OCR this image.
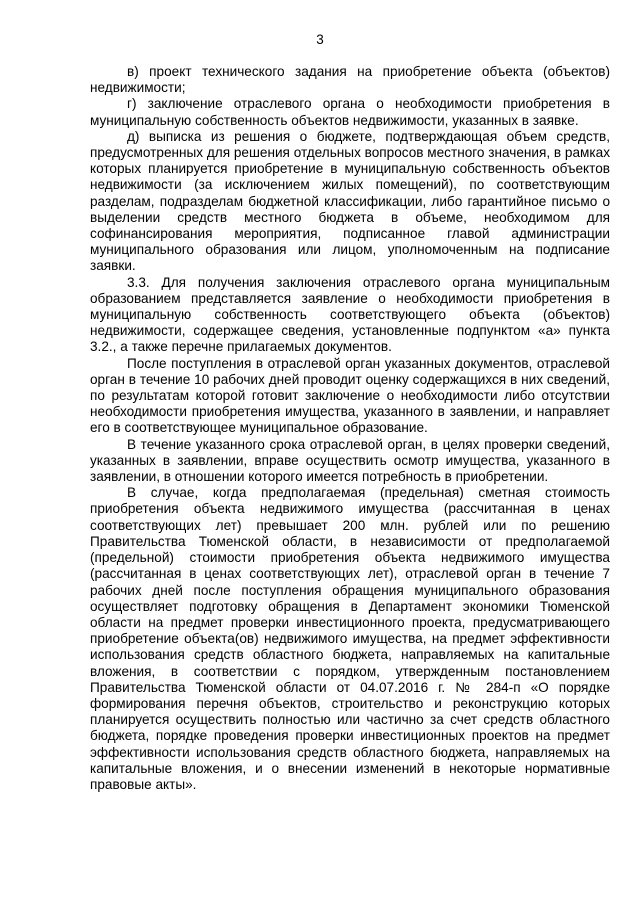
3

в) проект технического задания на приобретение объекта (объектов) недвижимости;

г) заключение отраслевого органа о необходимости приобретения в муниципальную собственность объектов недвижимости, указанных в заявке.

д) выписка из решения о бюджете, подтверждающая объем средств, предусмотренных для решения отдельных вопросов местного значения, в рамках которых планируется приобретение в муниципальную собственность объектов недвижимости (за исключением жилых помещений), по соответствующим разделам, подразделам бюджетной классификации, либо гарантийное письмо о выделении средств местного бюджета в объеме, необходимом для софинансирования мероприятия, подписанное главой администрации муниципального образования или лицом, уполномоченным на подписание заявки.

3.3. Для получения заключения отраслевого органа муниципальным образованием представляется заявление о необходимости приобретения в муниципальную собственность соответствующего объекта (объектов) недвижимости, содержащее сведения, установленные подпунктом «а» пункта 3.2., а также перечне прилагаемых документов.

После поступления в отраслевой орган указанных документов, отраслевой орган в течение 10 рабочих дней проводит оценку содержащихся в них сведений, по результатам которой готовит заключение о необходимости либо отсутствии необходимости приобретения имущества, указанного в заявлении, и направляет его в соответствующее муниципальное образование.

В течение указанного срока отраслевой орган, в целях проверки сведений, указанных в заявлении, вправе осуществить осмотр имущества, указанного в заявлении, в отношении которого имеется потребность в приобретении.

В случае, когда предполагаемая (предельная) сметная стоимость приобретения объекта недвижимого имущества (рассчитанная в ценах соответствующих лет) превышает 200 млн. рублей или по решению Правительства Тюменской области, в независимости от предполагаемой (предельной) стоимости приобретения объекта недвижимого имущества (рассчитанная в ценах соответствующих лет), отраслевой орган в течение 7 рабочих дней после поступления обращения муниципального образования осуществляет подготовку обращения в Департамент экономики Тюменской области на предмет проверки инвестиционного проекта, предусматривающего приобретение объекта(ов) недвижимого имущества, на предмет эффективности использования средств областного бюджета, направляемых на капитальные вложения, в соответствии с порядком, утвержденным постановлением Правительства Тюменской области от 04.07.2016 г. № 284-п «О порядке формирования перечня объектов, строительство и реконструкцию которых планируется осуществить полностью или частично за счет средств областного бюджета, порядке проведения проверки инвестиционных проектов на предмет эффективности использования средств областного бюджета, направляемых на капитальные вложения, и о внесении изменений в некоторые нормативные правовые акты».
